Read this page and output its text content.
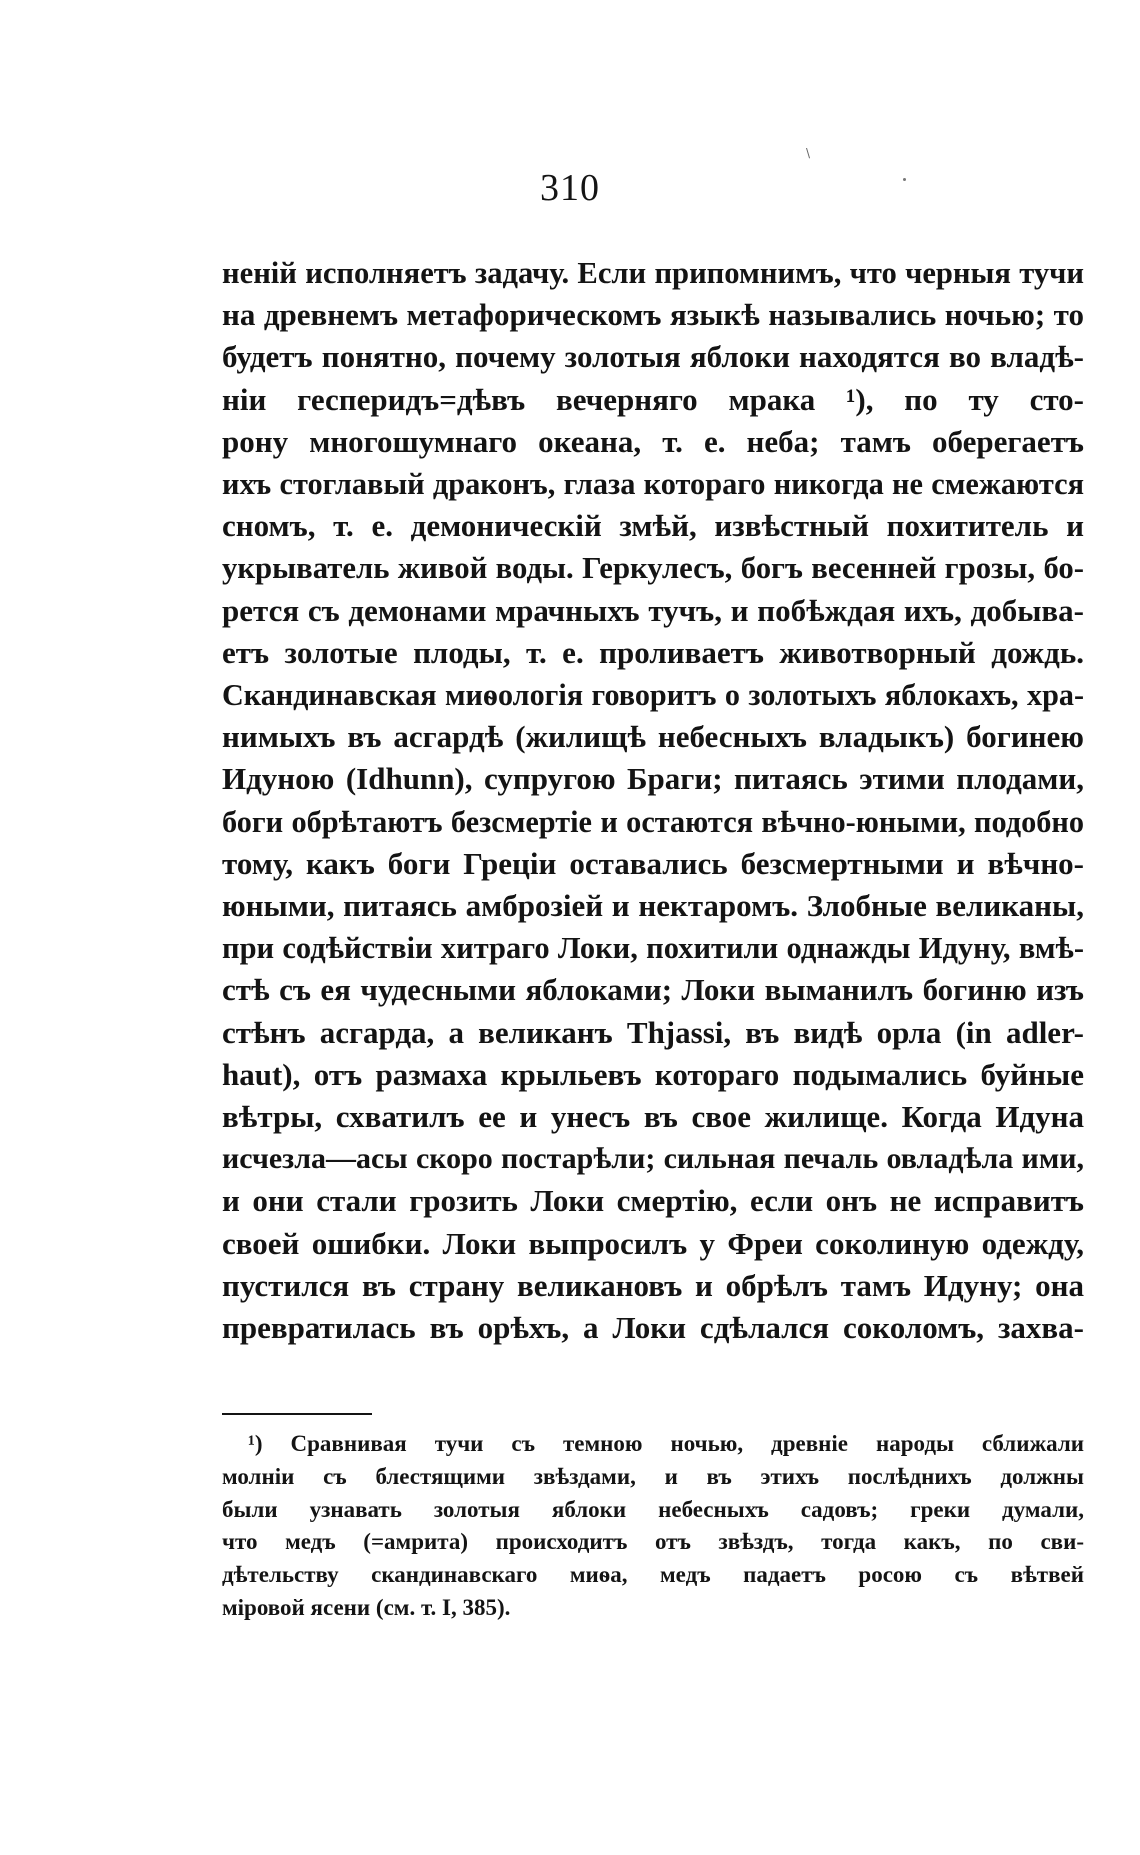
\
310
ненiй исполняетъ задачу. Если припомнимъ, что черныя тучи
на древнемъ метафорическомъ языкѣ назывались ночью; то
будетъ понятно, почему золотыя яблоки находятся во владѣ-
нiи гесперидъ=дѣвъ вечерняго мрака ¹), по ту сто-
рону многошумнаго океана, т. е. неба; тамъ оберегаетъ
ихъ стоглавый драконъ, глаза котораго никогда не смежаются
сномъ, т. е. демоническiй змѣй, извѣстный похититель и
укрыватель живой воды. Геркулесъ, богъ весенней грозы, бо-
рется съ демонами мрачныхъ тучъ, и побѣждая ихъ, добыва-
етъ золотые плоды, т. е. проливаетъ животворный дождь.
Скандинавская миѳологiя говоритъ о золотыхъ яблокахъ, хра-
нимыхъ въ асгардѣ (жилищѣ небесныхъ владыкъ) богинею
Идуною (Idhunn), супругою Браги; питаясь этими плодами,
боги обрѣтаютъ безсмертiе и остаются вѣчно-юными, подобно
тому, какъ боги Грецiи оставались безсмертными и вѣчно-
юными, питаясь амброзiей и нектаромъ. Злобные великаны,
при содѣйствiи хитраго Локи, похитили однажды Идуну, вмѣ-
стѣ съ ея чудесными яблоками; Локи выманилъ богиню изъ
стѣнъ асгарда, а великанъ Thjassi, въ видѣ орла (in adler-
haut), отъ размаха крыльевъ котораго подымались буйные
вѣтры, схватилъ ее и унесъ въ свое жилище. Когда Идуна
исчезла—асы скоро постарѣли; сильная печаль овладѣла ими,
и они стали грозить Локи смертiю, если онъ не исправитъ
своей ошибки. Локи выпросилъ у Фреи соколиную одежду,
пустился въ страну великановъ и обрѣлъ тамъ Идуну; она
превратилась въ орѣхъ, а Локи сдѣлался соколомъ, захва-
¹) Сравнивая тучи съ темною ночью, древнiе народы сближали
молнiи съ блестящими звѣздами, и въ этихъ послѣднихъ должны
были узнавать золотыя яблоки небесныхъ садовъ; греки думали,
что медъ (=амрита) происходитъ отъ звѣздъ, тогда какъ, по сви-
дѣтельству скандинавскаго миѳа, медъ падаетъ росою съ вѣтвей
мiровой ясени (см. т. I, 385).
